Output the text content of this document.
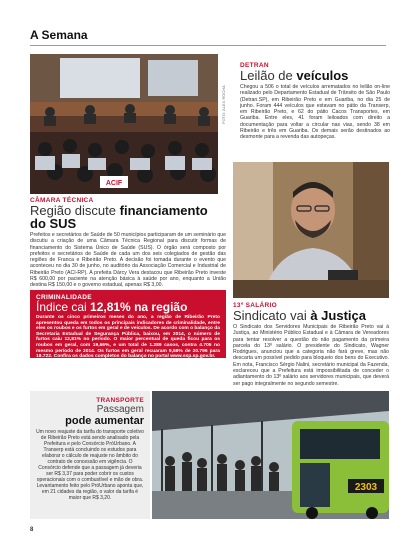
A Semana
ACIF
FOTO: ALEX ROCHA
DETRAN
Leilão de veículos
Chegou a 506 o total de veículos arrematados no leilão on-line realizado pelo Departamento Estadual de Trânsito de São Paulo (Detran.SP), em Ribeirão Preto e em Guariba, no dia 25 de junho. Foram 444 veículos que estavam no pátio da Transerp, em Ribeirão Preto, e 62 do pátio Cacos Transportes, em Guariba. Entre eles, 41 foram leiloados com direito a documentação para voltar a circular nas vias, sendo 38 em Ribeirão e três em Guariba. Os demais serão destinados ao desmonte para a revenda das autopeças.
CÂMARA TÉCNICA
Região discute financiamento do SUS
Prefeitos e secretários de Saúde de 50 municípios participaram de um seminário que discutiu a criação de uma Câmara Técnica Regional para discutir formas de financiamento do Sistema Único de Saúde (SUS). O órgão será composto por prefeitos e secretários de Saúde de cada um dos seis colegiados de gestão das regiões de Franca e Ribeirão Preto. A decisão foi tomada durante o evento que aconteceu no dia 30 de junho, no auditório da Associação Comercial e Industrial de Ribeirão Preto (ACI-RP). A prefeita Dárcy Vera destacou que Ribeirão Preto investe R$ 600,00 por paciente na atenção básica à saúde por ano, enquanto a União destina R$ 150,00 e o governo estadual, apenas R$ 3,00.
CRIMINALIDADE
Índice cai 12,81% na região
Durante os cinco primeiros meses do ano, a região de Ribeirão Preto apresentou queda em todos os principais indicadores de criminalidade, entre eles os roubos e os furtos em geral e de veículos. De acordo com o balanço da Secretaria Estadual de Segurança Pública, baixou, em 2014, o número de furtos caiu 12,81% no período. O maior percentual de queda ficou para os roubos em geral, com 19,66%, e um total de 1.289 casos, contra 4.705 no mesmo período de 2014. Os furtos em geral recuaram 9,58% de 20.796 para 18.722. Confira os dados completos do balanço no portal www.ssp.sp.gov.br.
13º SALÁRIO
Sindicato vai à Justiça
O Sindicato dos Servidores Municipais de Ribeirão Preto vai à Justiça, ao Ministério Público Estadual e à Câmara de Vereadores para tentar resolver a questão do não pagamento da primeira parcela do 13º salário. O presidente do Sindicato, Wagner Rodrigues, anunciou que a categoria não fará greve, mas não descarta um possível pedido para bloqueio dos bens do Executivo. Em nota, Francisco Sérgio Nalini, secretário municipal da Fazenda, esclareceu que a Prefeitura está impossibilitada de conceder o adiantamento do 13º salário aos servidores municipais, que deverá ser pago integralmente no segundo semestre.
TRANSPORTE
Passagem
pode aumentar
Um novo reajuste da tarifa do transporte coletivo de Ribeirão Preto está sendo analisado pela Prefeitura e pelo Consórcio PróUrbano. A Transerp está concluindo os estudos para elaborar o cálculo de reajuste no âmbito do contrato de concessão em vigência. O Consórcio defende que a passagem já deveria ser R$ 3,37 para poder cobrir os custos operacionais com o combustível e mão de obra. Levantamento feito pelo PróUrbano aponta que, em 21 cidades da região, o valor da tarifa é maior que R$ 3,20.
2303
8
